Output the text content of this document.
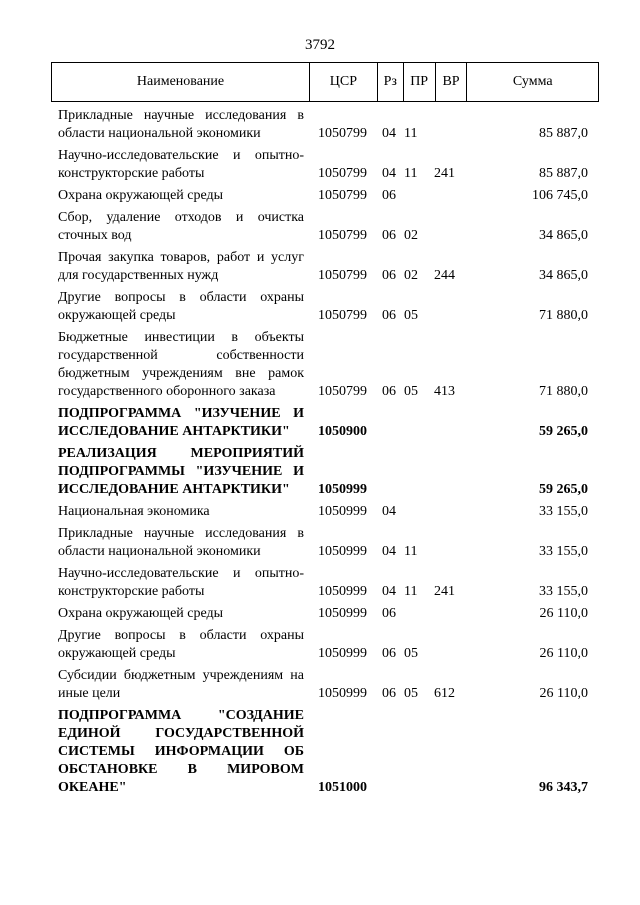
3792
Наименование	ЦСР	Рз ПР	ВР	Сумма
Прикладные научные исследования в области национальной экономики	1050799	04 11	85 887,0
Научно-исследовательские и опытно-конструкторские работы	1050799	04 11	241	85 887,0
Охрана окружающей среды	1050799	06	106 745,0
Сбор, удаление отходов и очистка сточных вод	1050799	06 02	34 865,0
Прочая закупка товаров, работ и услуг для государственных нужд	1050799	06 02	244	34 865,0
Другие вопросы в области охраны окружающей среды	1050799	06 05	71 880,0
Бюджетные инвестиции в объекты государственной собственности бюджетным учреждениям вне рамок государственного оборонного заказа	1050799	06 05	413	71 880,0
ПОДПРОГРАММА "ИЗУЧЕНИЕ И ИССЛЕДОВАНИЕ АНТАРКТИКИ"	1050900	59 265,0
РЕАЛИЗАЦИЯ МЕРОПРИЯТИЙ ПОДПРОГРАММЫ "ИЗУЧЕНИЕ И ИССЛЕДОВАНИЕ АНТАРКТИКИ"	1050999	59 265,0
Национальная экономика	1050999	04	33 155,0
Прикладные научные исследования в области национальной экономики	1050999	04 11	33 155,0
Научно-исследовательские и опытно-конструкторские работы	1050999	04 11	241	33 155,0
Охрана окружающей среды	1050999	06	26 110,0
Другие вопросы в области охраны окружающей среды	1050999	06 05	26 110,0
Субсидии бюджетным учреждениям на иные цели	1050999	06 05	612	26 110,0
ПОДПРОГРАММА "СОЗДАНИЕ ЕДИНОЙ ГОСУДАРСТВЕННОЙ СИСТЕМЫ ИНФОРМАЦИИ ОБ ОБСТАНОВКЕ В МИРОВОМ ОКЕАНЕ"	1051000	96 343,7
